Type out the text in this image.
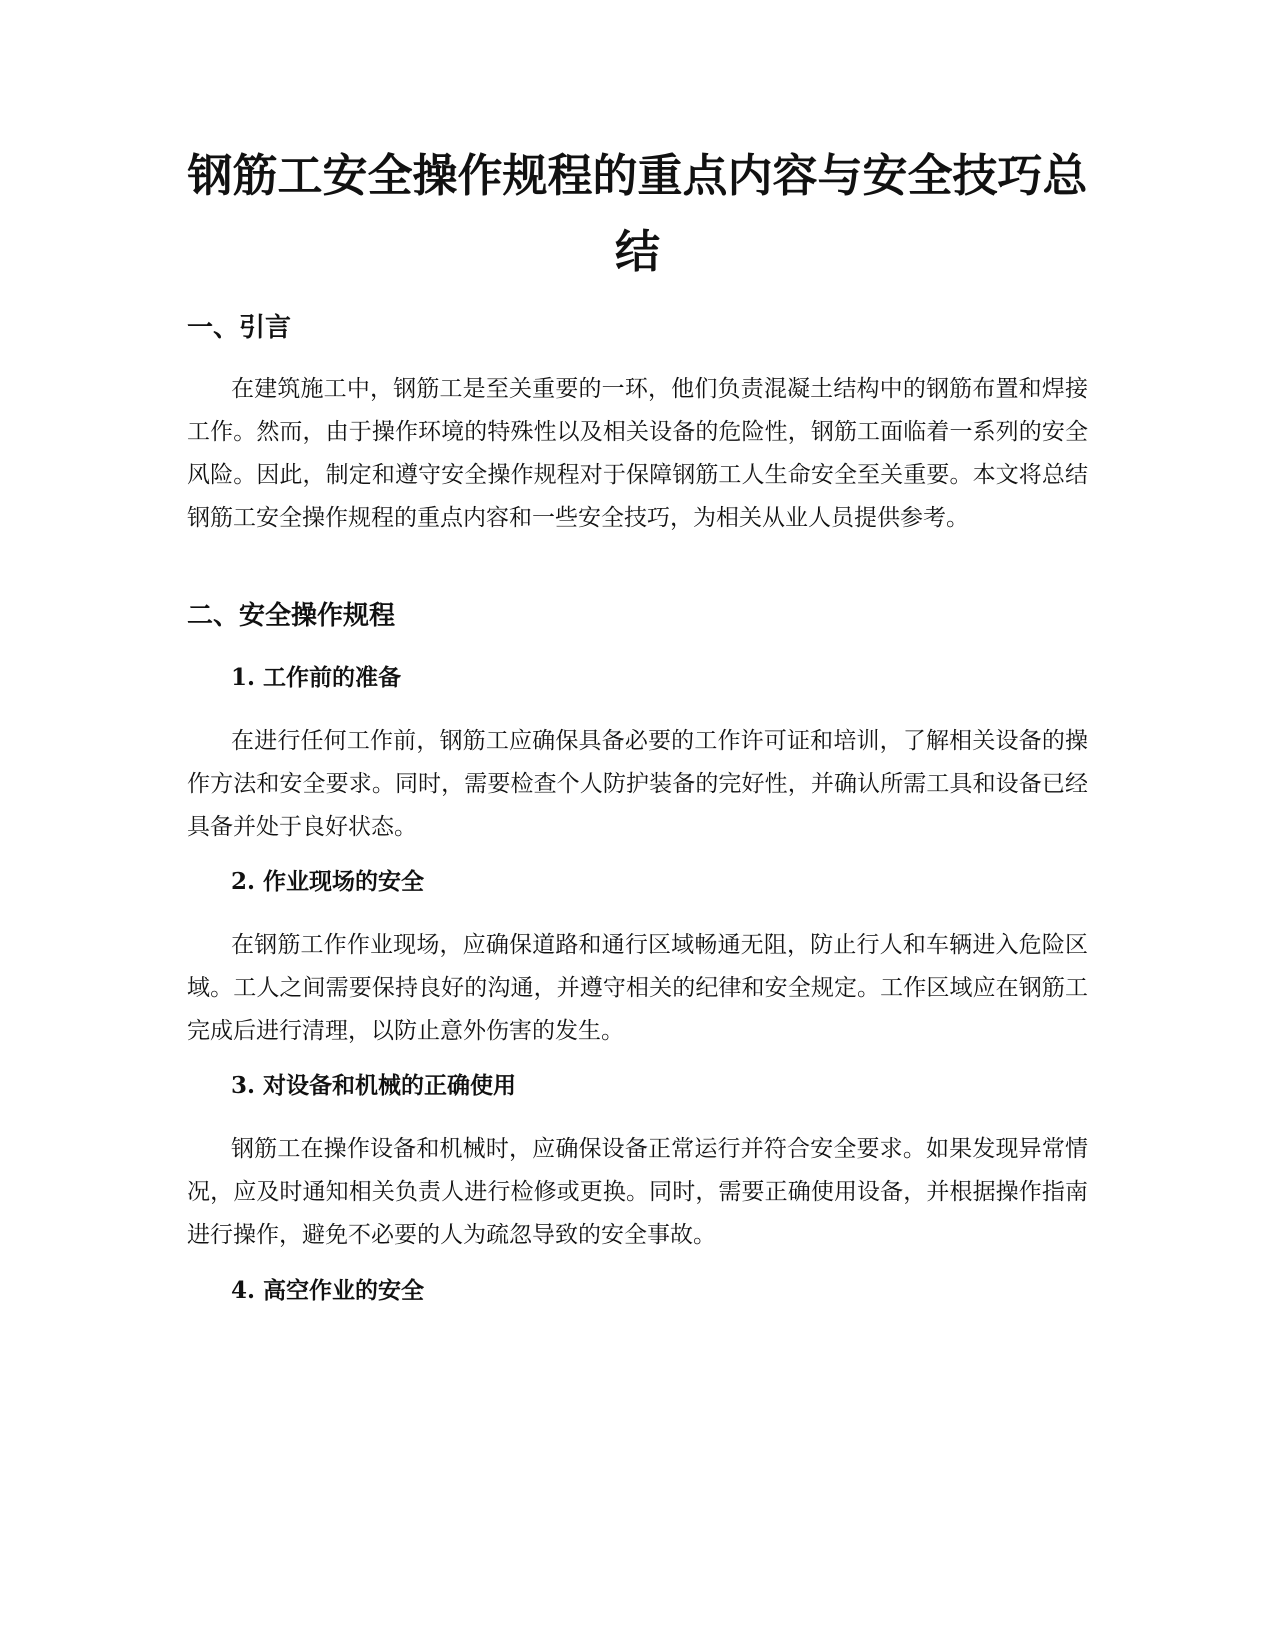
钢筋工安全操作规程的重点内容与安全技巧总结
一、引言

在建筑施工中，钢筋工是至关重要的一环，他们负责混凝土结构中的钢筋布置和焊接工作。然而，由于操作环境的特殊性以及相关设备的危险性，钢筋工面临着一系列的安全风险。因此，制定和遵守安全操作规程对于保障钢筋工人生命安全至关重要。本文将总结钢筋工安全操作规程的重点内容和一些安全技巧，为相关从业人员提供参考。

二、安全操作规程
1. 工作前的准备

在进行任何工作前，钢筋工应确保具备必要的工作许可证和培训，了解相关设备的操作方法和安全要求。同时，需要检查个人防护装备的完好性，并确认所需工具和设备已经具备并处于良好状态。

2. 作业现场的安全

在钢筋工作作业现场，应确保道路和通行区域畅通无阻，防止行人和车辆进入危险区域。工人之间需要保持良好的沟通，并遵守相关的纪律和安全规定。工作区域应在钢筋工完成后进行清理，以防止意外伤害的发生。

3. 对设备和机械的正确使用

钢筋工在操作设备和机械时，应确保设备正常运行并符合安全要求。如果发现异常情况，应及时通知相关负责人进行检修或更换。同时，需要正确使用设备，并根据操作指南进行操作，避免不必要的人为疏忽导致的安全事故。

4. 高空作业的安全
